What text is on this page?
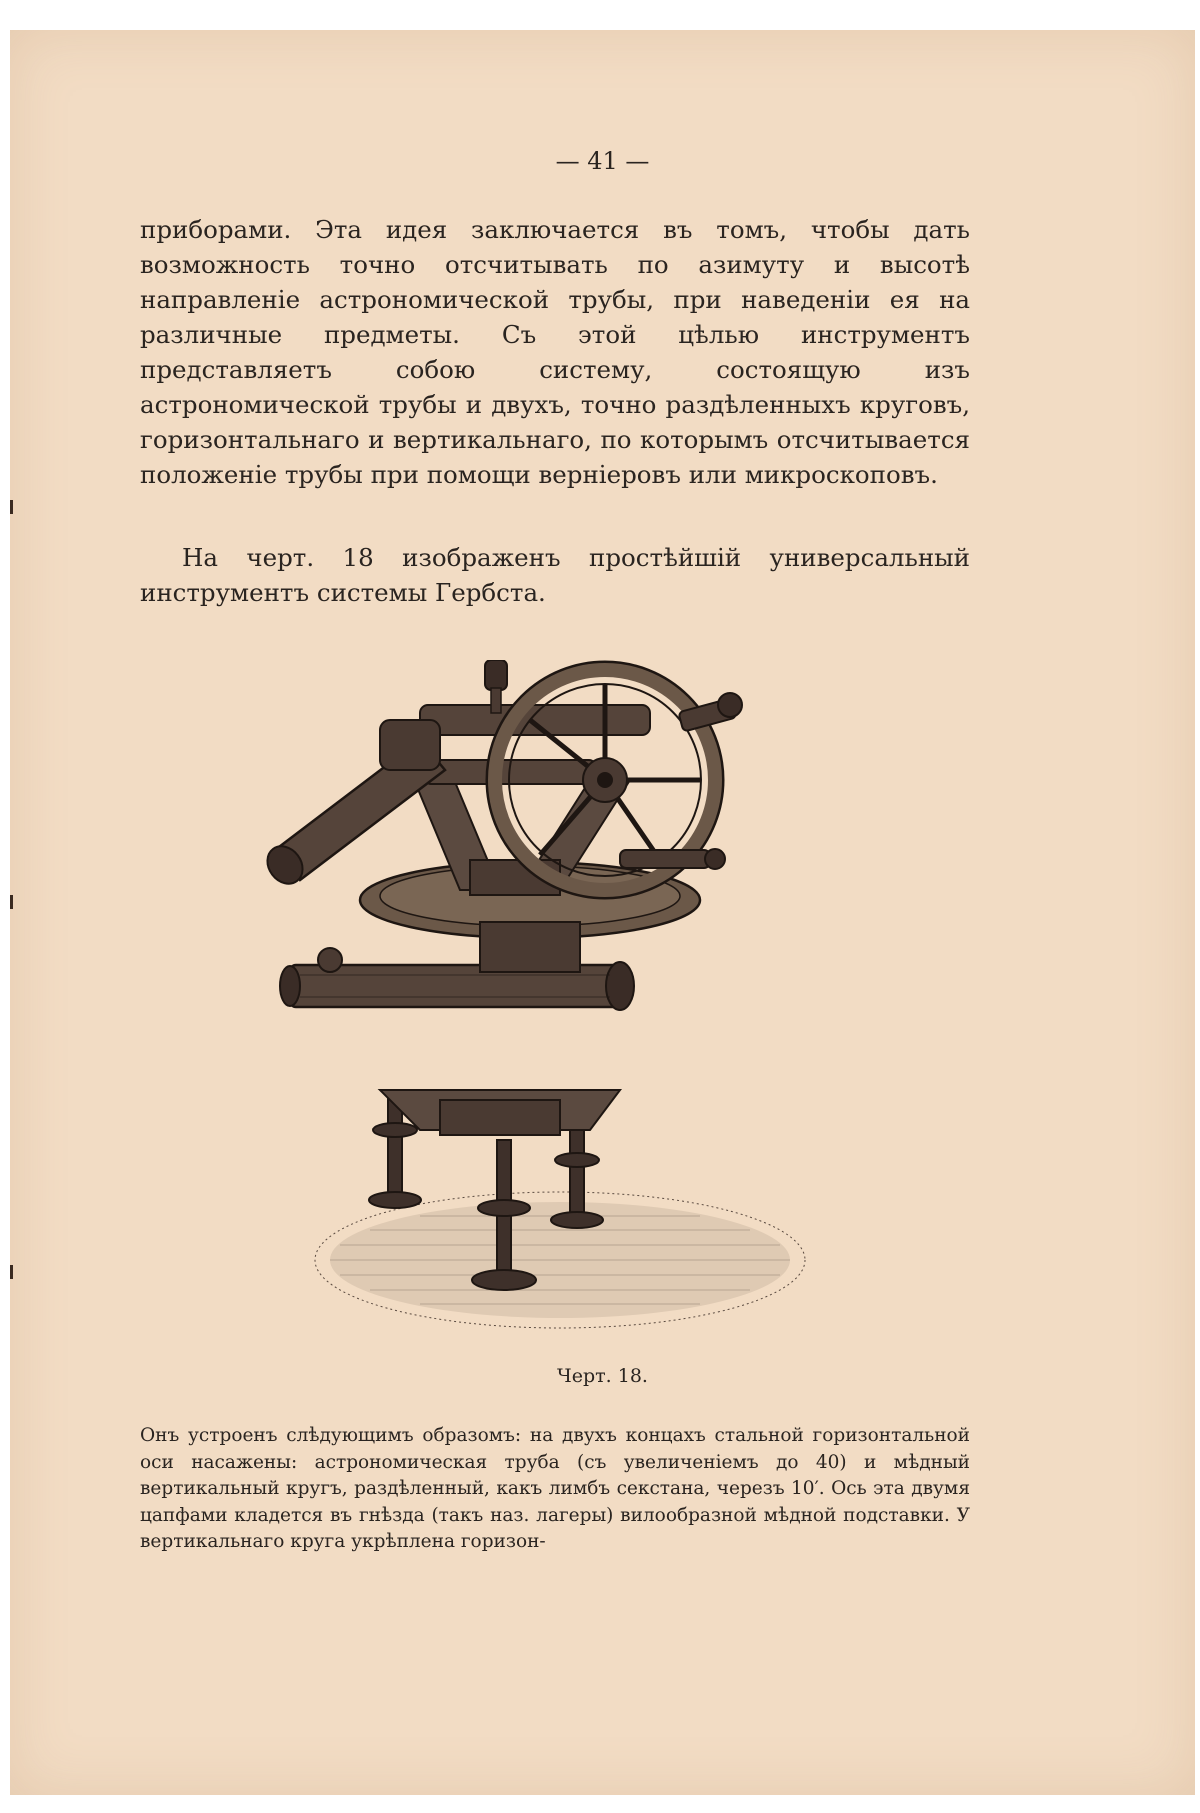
— 41 —
приборами. Эта идея заключается въ томъ, чтобы дать возможность точно отсчитывать по азимуту и высотѣ направленіе астрономической трубы, при наведеніи ея на различные предметы. Съ этой цѣлью инструментъ представляетъ собою систему, состоящую изъ астрономической трубы и двухъ, точно раздѣленныхъ круговъ, горизонтальнаго и вертикальнаго, по которымъ отсчитывается положеніе трубы при помощи верніеровъ или микроскоповъ.
На черт. 18 изображенъ простѣйшій универсальный инструментъ системы Гербста.
Черт. 18.
Онъ устроенъ слѣдующимъ образомъ: на двухъ концахъ стальной горизонтальной оси насажены: астрономическая труба (съ увеличеніемъ до 40) и мѣдный вертикальный кругъ, раздѣленный, какъ лимбъ секстана, черезъ 10′. Ось эта двумя цапфами кладется въ гнѣзда (такъ наз. лагеры) вилообразной мѣдной подставки. У вертикальнаго круга укрѣплена горизон-
